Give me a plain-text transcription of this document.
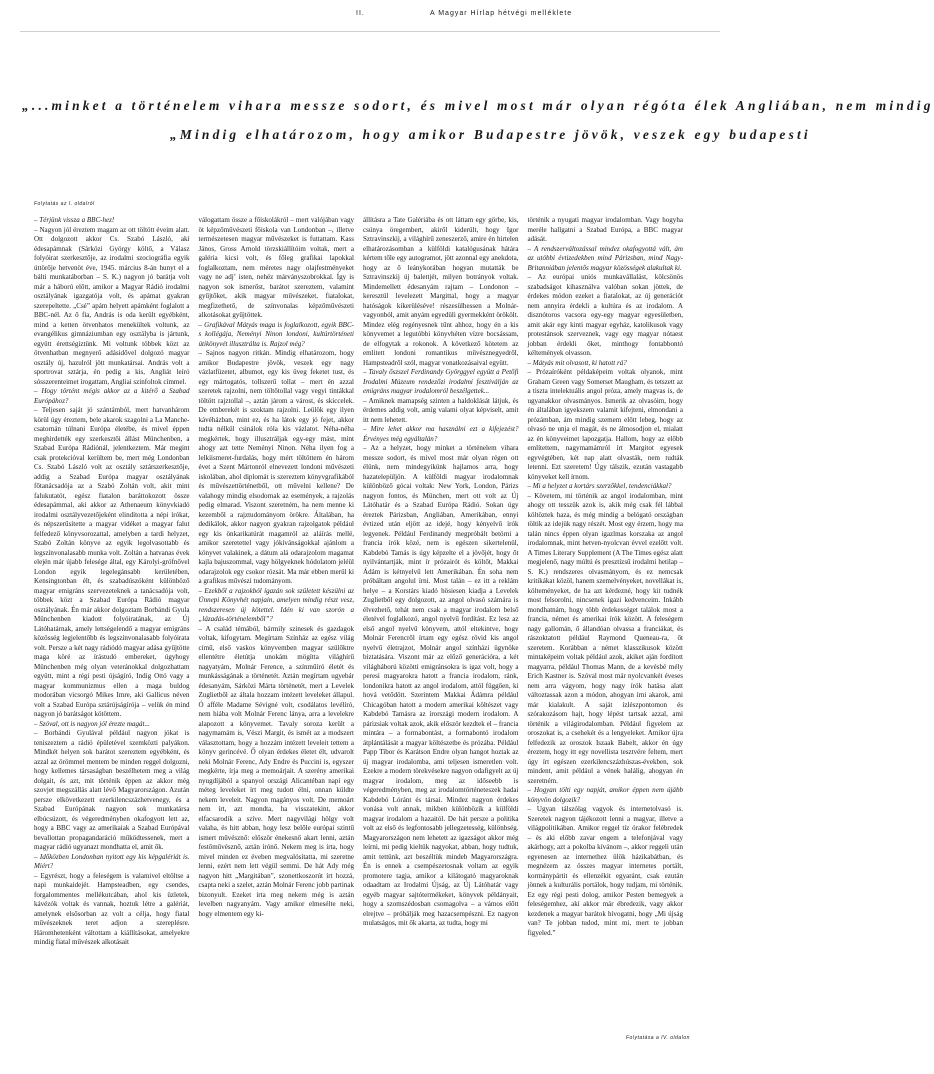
II.	A Magyar Hírlap hétvégi melléklete
„...minket a történelem vihara messze sodort, és mivel most már olyan régóta élek Angliában, nem mindig
„Mindig elhatározom, hogy amikor Budapestre jövök, veszek egy budapesti
Folytatás az I. oldalról

– Térjünk vissza a BBC-hez!

– Nagyon jól éreztem magam az ott töltött éveim alatt. Ott dolgozott akkor Cs. Szabó László, aki édesapámnak (Sárközi György költő, a Válasz folyóirat szerkesztője, az irodalmi szociográfia egyik úttörője hetvenöt éve, 1945. március 8-án hunyt el a bálti munkatáborban – S. K.) nagyon jó barátja volt már a háború előtt, amikor a Magyar Rádió irodalmi osztályának igazgatója volt, és apámat gyakran szerepeltette. „Csé” apám helyett apámként foglalott a BBC-nél. Az ő fia, András is oda került egyébként, mind a ketten ötvenhatos menekültek voltunk, az evangélikus gimnáziumban egy osztályba is jártunk, együtt érettségiztünk. Mi voltunk többek közt az ötvenhatban megnyerő adásidővel dolgozó magyar osztály új, hazulról jött munkatársai. András volt a sportrovat sztárja, én pedig a kis, Angliát leíró sósszerenteimet írogattam, Angliai szinfoltok címmel.

– Hogy történt mégis akkor az a kitérő a Szabad Európához?

– Teljesen saját jó szántámból, mert hatvanhárom körül úgy éreztem, bele akarok szagolni a La Manche-csatornán túlnani Európa életébe, és mivel éppen meghirdették egy szerkesztői állást Münchenben, a Szabad Európa Rádiónál, jelentkeztem. Már megint csak protekcióval kerültem be, mert még Londonban Cs. Szabó László volt az osztály sztárszerkesztője, addig a Szabad Európa magyar osztályának főtanácsadója az a Szabó Zoltán volt, akit mint falukutatót, egész fiatalon baráttokozott össze édesapámmal, aki akkor az Athenaeum könyvkiadó irodalmi osztályvezetőjeként elindította a népi írókat, és népszerűsítette a magyar vidéket a magyar falut felfedező könyvsorozattal, amelyben a tardi helyzet, Szabó Zoltán könyve az egyik legolvasottabb és legszínvonalasabb munka volt. Zoltán a hatvanas évek elején már újabb felesége által, egy Károlyi-grófnővel London egyik legelegánsabb kerületében, Kensingtonban élt, és szabadúszóként különböző magyar emigráns szervezeteknek a tanácsadója volt, többek közt a Szabad Európa Rádió magyar osztályának. Én már akkor dolgoztam Borbándi Gyula Münchenben kiadott folyóiratának, az Új Látóhatárnak, amely lettségelendő a magyar emigráns közösség legjelentőbb és legszínvonalasabb folyóirata volt. Persze a két nagy rádiódó magyar adása gyűjtötte maga köré az írástudó embereket, úgyhogy Münchenben még olyan veteránokkal dolgozhattam együtt, mint a régi pesti újságíró, Indig Ottó vagy a magyar kommunizmus ellen a maga buldog modorában vicsorgó Mikes Imre, aki Gallicus néven volt a Szabad Európa sztárújságírója – velük én mind nagyon jó barátságot kötöttem.

– Szóval, ott is nagyon jól érezte magát...

– Borbándi Gyulával például nagyon jókat is teniszeztem a rádió épületével szemközti palyákon. Mindkét helyen sok barátot szereztem egyébként, és azzal az örömmel mentem be minden reggel dolgozni, hogy kellemes társaságban beszélhetem meg a világ dolgait, és azt, mit történik éppen az akkor még szovjet megszállás alatt lévő Magyarországon. Azután persze elkövetkezett ezerkilencszázhetvenegy, és a Szabad Európának nagyon sok munkatársa elbúcsúzott, és végeredményben okafogyott lett az, hogy a BBC vagy az amerikaiak a Szabad Európával bevallottan propagandaráció működtessenek, mert a magyar rádió ugyanazt mondhatta el, amit ők.

– Időközben Londonban nyitott egy kis képgalériát is. Miért?

– Egyrészt, hogy a feleségem is valamivel eltöltse a napi munkaidejét. Hampsteadben, egy csendes, forgalommentes mellékutcában, ahol kis üzletek, kávézók voltak és vannak, hoztuk létre a galériát, amelynek elsősorban az volt a célja, hogy fiatal művészeknek teret adjon a szereplésre. Háromhetenként váltottam a kiállításokat, amelyekre mindig fiatal művészek alkotásait

válogattam össze a főiskolákról – mert valójában vagy öt képzőművészeti főiskola van Londonban –, illetve természetesen magyar művészeket is futtattam. Kass János, Gross Arnold törzskiállítóim voltak, mert a galéria kicsi volt, és főleg grafikai lapokkal foglalkoztam, nem méretes nagy olajfestményeket vagy ne adj’ isten, nehéz márványszobrokkal. Így is nagyon sok ismerőst, barátot szereztem, valamint gyűjtőket, akik magyar művészeket, fiatalokat, megfizethető, de színvonalas képzőművészeti alkotásokat gyűjtöttek.

– Grafikával Mátyás maga is foglalkozott, egyik BBC-s kollégája, Neményi Ninon londoni, kultúrtörténeti útikönyvét illusztrálta is. Rajzol még?

– Sajnos nagyon ritkán. Mindig elhatározom, hogy amikor Budapestre jövök, veszek egy nagy vázlatfüzetet, albumot, egy kis üveg feketet tust, és egy mártogatós, tollszerű tollat – mert én azzal szeretek rajzolni, nem töltőtollal vagy vegyi tintákkal töltött rajztollal –, aztán járom a várost, és skiccelek. De emberekét is szoktam rajzolni. Leülök egy ilyen kávéházban, mint ez, és ha látok egy jó fejet, akkor tudta nélkül csinálok róla kis vázlatot. Néha-néha megkértek, hogy illusztráljak egy-egy mást, mint ahogy azt tette Neményi Ninon. Néha ilyen fog a lelkiismeret-furdalás, hogy mért töltöttem én három évet a Szent Mártonról elnevezett londoni művészeti iskolában, ahol diplomát is szereztem könyvgrafikából és művészettörténetből, ott művelni kellene? De valahogy mindig elsodornak az események, a rajzolás pedig elmarad. Viszont szeretném, ha nem menne ki kezemből a rajztudományom örökre. Általában, ha dedikálok, akkor nagyon gyakran rajzolgatok például egy kis önkarikatúrát magamról az aláírás mellé, amikor szeretettel vagy jókívánságokkal ajánlom a könyvet valakinek, a dátum alá odarajzolom magamat kajla bajuszommal, vagy hölgyeknek hódolatom jeléül odarajzolok egy csokor rózsát. Ma már ebben merül ki a grafikus művészi tudományom.

– Ezekből a rajzokból ígazán sok született készülni az Ünnepi Könyvhét napjain, amelyen mindig részt vesz, rendszeresen új kötettel. Idén ki van szorón a „lázadás-történelemből”?

– A család témából, bármily szinesek és gazdagok voltak, kifogytam. Megírtam Színház az egész világ című, első vaskos könyvemben magyar szülőktre ellentétre életútja unokám mögítta világhírű nagyatyám, Molnár Ference, a színműíró életét és munkásságának a történetét. Aztán megírtam ugyebár édesanyám, Sárközi Márta történetét, mert a Levelek Zuglietből az általa hozzam intézett leveleket állapul. Ó afféle Madame Sévigné volt, csodálatos levélíró, nem hiába volt Molnár Ferenc lánya, arra a levelekre alapozott a könyvemet. Tavaly soroza került a nagymamám is, Vészi Margit, és ismét az a modszert választottam, hogy a hozzám intézett leveleit tettem a könyv gerincévé. Ő olyan érdekes életet élt, udvarolt neki Molnár Ferenc, Ady Endre és Puccini is, egyszer megkérte, írja meg a memoárjait. A szerény amerikai nyugdíjából a spanyol országi Alicantéban napi egy méteg leveleket írt meg tudott élni, onnan küldte nekem leveleit. Nagyon magányos volt. De memoárt nem írt, azt mondta, ha visszatekint, akkor elfacsarodik a szíve. Mert nagyvilági hölgy volt valaha, és hitt abban, hogy lesz belőle európai szintű ismert művésznő: először énekesnő akart lenni, aztán festőművésznő, aztán írónő. Nekem meg is írta, hogy mivel minden ez éveben megvalósítatta, mi szeretne lenni, ezért nem lett végül semmi. De hát Ady még nagyon hitt „Margitában”, szonettkoszorút írt hozzá, csapta neki a szelet, aztán Molnár Ferenc jobb partinak bizonyult. Ezeket írta meg nekem még is aztán levelben nagyanyám. Vagy amikor elmesélte neki, hogy elmentem egy ki-

állításra a Tate Galériába és ott láttam egy görbe, kis, csúnya öregembert, akiről kiderült, hogy Igor Sztravinszkij, a világhírű zeneszerző, amire én hirtelen elhatározásomban a külföldi katalógusának hátára kértem tőle egy autogramot, jött azonnal egy anekdota, hogy az ő leánykorában hogyan mutatták be Sztravinszkij új balettjét, milyen botrányok voltak. Mindemellett édesanyám rajtam – Londonon – keresztül levelezett Margittal, hogy a magyar hatóságok kikerüléséve! részesülhessen a Molnár-vagyonból, amit anyám egyedüli gyermekként örökölt. Mindez elég regényesnek tűnt ahhoz, hogy én a kis könyvemet a legutóbbi könyvhéten vízre bocsássam, de elfogytak a rokonok. A következő kötetem az emlitett londoni romantikus művésznegyedről, Hampsteadről szól, magyar vonatkozásaival együtt.

– Tavaly őszszel Ferdinandy Györggyel együtt a Petőfi Irodalmi Múzeum rendezőzi irodalmi fesztiválján az emigráns magyar irodalomról beszélgettek...

– Amiknek mamapség szinten a haldoklását látjuk, és érdemes addig volt, amíg valami olyat képviselt, amit itt nem lehetett.

– Mire lehet akkor ma használni ezt a kifejezést? Érvényes még egyáltalán?

– Az a helyzet, hogy minket a történelem vihara messze sodort, és mivel most már olyan régen ott élünk, nem mindegyikünk hajlamos arra, hogy hazatelepüljön. A külföldi magyar irodalomnak különböző gócai voltak: New York, London, Párizs nagyon fontos, és München, mert ott volt az Új Látóhatár és a Szabad Európa Rádió. Sokan úgy éreztek Párizsban, Angliában, Amerikában, ennyi évtized után eljött az idejé, hogy kényelvű írók legyenek. Például Ferdinandy megpróbált betörni a francia írók közé, nem is egészen sikertelenül, Kabdebó Tamás is úgy képzelte el a jövőjét, hogy őt nyilvántartják, mint ír prózairót és költőt, Makkai Ádám is kétnyelvű lett Amerikában. Én soha nem próbáltam angolul írni. Most talán – ez itt a reklám helye – a Korstárs kiadó hösiesen kiadja a Levelek Zuglietből egy dolgozott, az angol olvasó számára is élvezhető, tehát nem csak a magyar irodalom belső életével foglalkozó, angol nyelvű fordítást. Ez lesz az első angol nyelvű könyvem, attól eltekintve, hogy Molnár Ferencről írtam egy egész rövid kis angol nyelvű életrajzot, Molnár angol színházi ügynöke biztatására. Viszont már az előző generációra, a két világháború közötti emigránsokra is igaz volt, hogy a peresi magyarokra hatott a francia irodalom, ránk, londonikra hatott az angol irodalom, attól függően, ki hová vetődött. Szerintem Makkai Ádámra például Chicagóban hatott a modern amerikai költészet vagy Kabdebó Tamásra az írországi modern irodalom. A párizsiak voltak azok, akik először kezdtek el – francia mintára – a formabontást, a formabontó irodalom átplántálását a magyar költészetbe és prózába. Például Papp Tibor és Karátson Endre olyan hangot hoztak az új magyar irodalomba, ami teljesen ismeretlen volt. Ezekre a modern törekvésekre nagyon odafigyelt az új magyar irodalom, meg az időseebb is végeredményben, meg az irodalomtörténeteszek hadai Kabdebó Lóránt és társai. Mindez nagyon érdekes vonása volt annak, mikben különbözik a külföldi magyar irodalom a hazaitól. De hát persze a politika volt az első és legfontosabb jellegzetesség, különbség. Magyarországon nem lehetett az igazságot akkor még leírni, mi pedig kieltük nagyokat, abban, hogy tudtuk, amit tettünk, azt beszéltük mindeb Magyarországra. Én is ennek a csempészetosnak voltam az egyik promotere tagja, amikor a kilátogató magyaroknak odaadtam az Irodalmi Újság, az Új Látóhatár vagy egyéb magyar sajtótermékeket, könyvek példányait, hogy a szomszédosban csomagolva – a vámos előtt elrejtve – próbálják meg hazacsempészni. Ez nagyon mulatságos, mit ők akarta, az tudta, hogy mi

történik a nyugati magyar irodalomban. Vagy hogyha meréle hallgatni a Szabad Európa, a BBC magyar adását.

– A rendszerváltozással mindez okafogyottá vált, ám az utóbbi évtizedekben mind Párizsban, mind Nagy-Britanniában jelentős magyar közösségek alakultak ki.

– Az európai uniós munkavállalást, kölcsönös szabadságot kihasználva valóban sokan jöttek, de érdekes módon ezeket a fiatalokat, az új generációt nem annyira érdekli a kultúra és az irodalom. A disznótoros vacsora egy-egy magyar egyesületben, amit akár egy kinti magyar egyház, katolikusok vagy protestánsok szerveznek, vagy egy magyar nótaest jobban érdekli őket, minthogy fontabbontó kéltemények olvasson.

– Mátyás mit olvasott, ki hatott rá?

– Prózaíróként példaképeim voltak olyanok, mint Graham Green vagy Somerset Maugham, és tetszett az a tiszta intelektuális angol próza, amely magvas is, de ugyanakkor olvasmányos. Ismerik az olvasóim, hogy én általában igyekszem valamit kifejteni, elmondani a prózámban, ám mindig szemem előtt lebeg, hogy az olvasó ne unja el magát, és ne álmosodjon el, mialatt az én könyveimet lapozgatja. Hallom, hogy az előbb említettem, nagymamámról írt Margitot egyesek egyvégtében, két nap alatt olvasták, nem tudták letenni. Ezt szeretem! Úgy tálszik, ezután vastagabb könyveket kell írnom.

– Mi a helyzet a kortárs szerzőkkel, tendenciákkal?

– Követem, mi történik az angol irodalomban, mint ahogy ott tesszük azok is, akik még csak fél lábbal költöztek haza, és még mindig a belógató országban töltik az idejük nagy részét. Most egy érzem, hogy ma talán nincs éppen olyan igazlmas korszaka az angol irodalomnak, mint hetven-nyolcvan évvel ezelőtt volt. A Times Literary Supplement (A The Times egész alatt megjelenő, nagy múltú és presztízsű irodalmi hetilap – S. K.) rendszeres olvasmányom, és ez nemcsak kritikákat közöl, hanem szemelvényeket, novellákat is, költeményeket, de ha azt kérdezné, hogy kit tudnék most felsorolni, nincsenek igazi kedvenceim. Inkább mondhatnám, hogy több érdekességet találok most a francia, német és amerikai írók között. A feleségem nagy gallomán, ő állandóan olvassa a franciákat, és rászoktatott például Raymond Queneau-ra, őt szeretem. Korábban a német klasszikusok között mintaképeim voltak például azok, akiket aján fordított magyarra, például Thomas Mann, de a kevésbé mély Erich Kastner is. Szóval most már nyolcvankét éveses nem arra vágyom, hogy nagy írók hatása alatt változtassak azon a módon, ahogyan írni akarok, ami már kialakult. A saját ízlészpontomon és szórakozásom hajt, hogy lépést tartsak azzal, ami történik a világirodalomban. Például figyelem az oroszokat is, a csehekét és a lengyeleket. Amikor újra felfedezik az oroszok Iszaak Babelt, akkor én úgy éreztem, hogy itt egy novellista tesztvére feltem, mert úgy írt egészen ezerkilencszázhúszas-években, sok mindent, amit például a vének halálig, ahogyan én szeretném.

– Hogyan tölti egy napját, amikor éppen nem újább könyvön dolgozik?

– Ugyan tálszólag vagyok és internetolvasó is. Szeretek nagyon tájékozott lenni a magyar, illetve a világpolitikában. Amikor reggel tíz órakor felébredek – és aki előbb zavar engem a telefonjával vagy akárhogy, azt a pokolba kívánom –, akkor reggeli után egyenesen az internethez ülök házikabátban, és megnézem az összes magyar internetes portált, kormánypártit és ellenzékit egyaránt, csak ezután jönnek a kulturális portálok, hogy tudjam, mi történik. Ez egy régi pesti dolog, amikor Pesten bemegyek a feleségemhez, aki akkor már ébredezik, vagy akkor kezdenek a magyar barátok hívogatni, hogy „Mi újság van? Te jobban tudod, mint mi, mert te jobban figyeled.”

Folytatása a IV. oldalon
